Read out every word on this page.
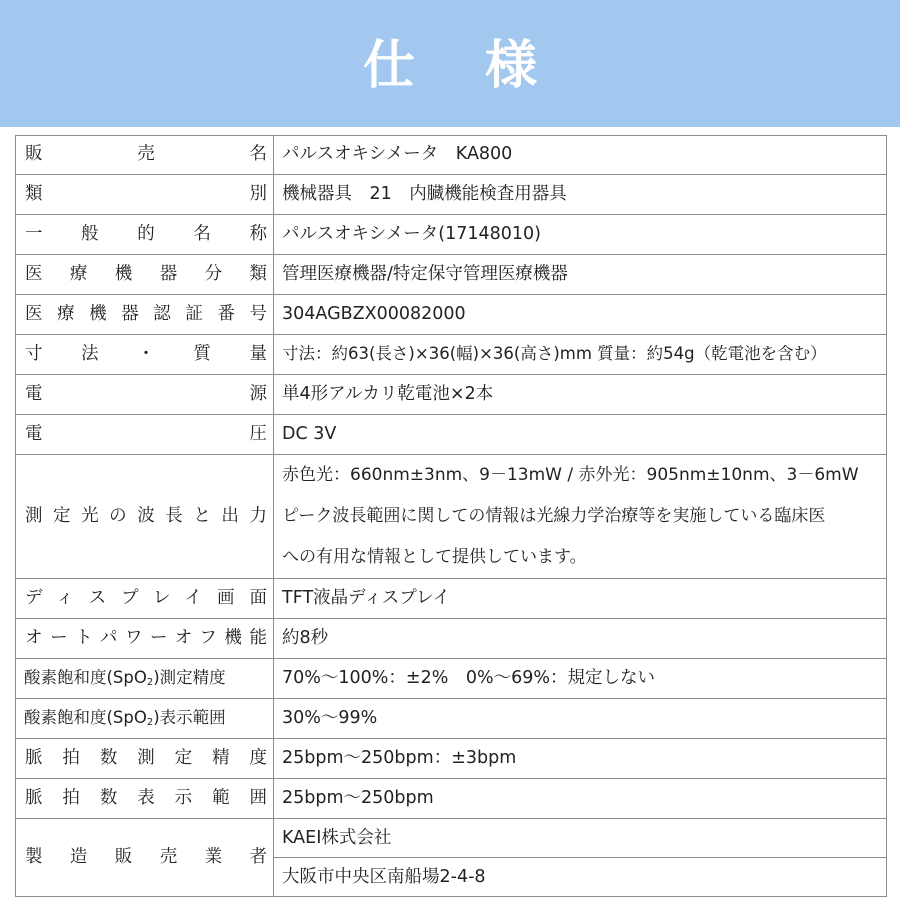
仕 様
販売名	パルスオキシメータ　KA800

類別	機械器具　21　内臓機能検査用器具

一般的名称	パルスオキシメータ(17148010)

医療機器分類	管理医療機器/特定保守管理医療機器

医療機器認証番号	304AGBZX00082000

寸法・質量	寸法：約63(長さ)×36(幅)×36(高さ)mm 質量：約54g（乾電池を含む）

電源	単4形アルカリ乾電池×2本

電圧	DC 3V

測定光の波長と出力	赤色光：660nm±3nm、9－13mW / 赤外光：905nm±10nm、3－6mW
ピーク波長範囲に関しての情報は光線力学治療等を実施している臨床医
への有用な情報として提供しています。

ディスプレイ画面	TFT液晶ディスプレイ

オートパワーオフ機能	約8秒
酸素飽和度(SpO$_2$)測定精度	70%～100%：±2%　0%～69%：規定しない
酸素飽和度(SpO$_2$)表示範囲	30%～99%

脈拍数測定精度	25bpm～250bpm：±3bpm

脈拍数表示範囲	25bpm～250bpm

製造販売業者	KAEI株式会社
大阪市中央区南船場2-4-8
